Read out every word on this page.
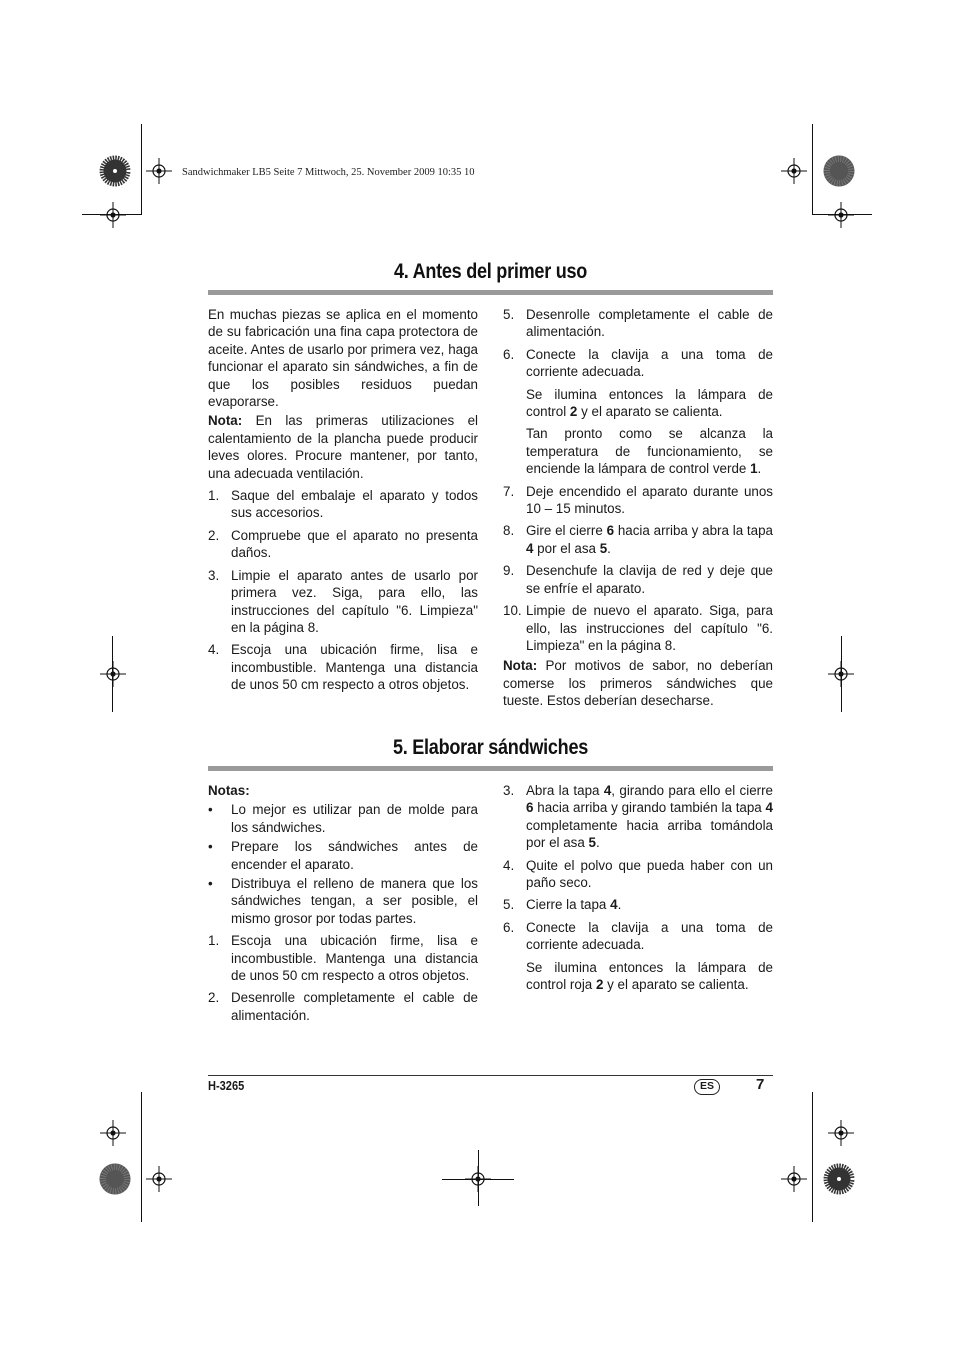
Sandwichmaker LB5 Seite 7 Mittwoch, 25. November 2009 10:35 10
4. Antes del primer uso

En muchas piezas se aplica en el momento de su fabricación una fina capa protectora de aceite. Antes de usarlo por primera vez, haga funcionar el aparato sin sándwiches, a fin de que los posibles residuos puedan evaporarse.

Nota: En las primeras utilizaciones el calentamiento de la plancha puede producir leves olores. Procure mantener, por tanto, una adecuada ventilación.

1. Saque del embalaje el aparato y todos sus accesorios.
2. Compruebe que el aparato no presenta daños.
3. Limpie el aparato antes de usarlo por primera vez. Siga, para ello, las instrucciones del capítulo "6. Limpieza" en la página 8.
4. Escoja una ubicación firme, lisa e incombustible. Mantenga una distancia de unos 50 cm respecto a otros objetos.
5. Desenrolle completamente el cable de alimentación.
6. Conecte la clavija a una toma de corriente adecuada.

Se ilumina entonces la lámpara de control 2 y el aparato se calienta.

Tan pronto como se alcanza la temperatura de funcionamiento, se enciende la lámpara de control verde 1.

7. Deje encendido el aparato durante unos 10 – 15 minutos.
8. Gire el cierre 6 hacia arriba y abra la tapa 4 por el asa 5.
9. Desenchufe la clavija de red y deje que se enfríe el aparato.
10. Limpie de nuevo el aparato. Siga, para ello, las instrucciones del capítulo "6. Limpieza" en la página 8.

Nota: Por motivos de sabor, no deberían comerse los primeros sándwiches que tueste. Estos deberían desecharse.

5. Elaborar sándwiches

Notas:

•	Lo mejor es utilizar pan de molde para los sándwiches.
•	Prepare los sándwiches antes de encender el aparato.
•	Distribuya el relleno de manera que los sándwiches tengan, a ser posible, el mismo grosor por todas partes.
1. Escoja una ubicación firme, lisa e incombustible. Mantenga una distancia de unos 50 cm respecto a otros objetos.
2. Desenrolle completamente el cable de alimentación.
3. Abra la tapa 4, girando para ello el cierre 6 hacia arriba y girando también la tapa 4 completamente hacia arriba tomándola por el asa 5.
4. Quite el polvo que pueda haber con un paño seco.
5. Cierre la tapa 4.
6. Conecte la clavija a una toma de corriente adecuada.

Se ilumina entonces la lámpara de control roja 2 y el aparato se calienta.

H-3265	ES	7
